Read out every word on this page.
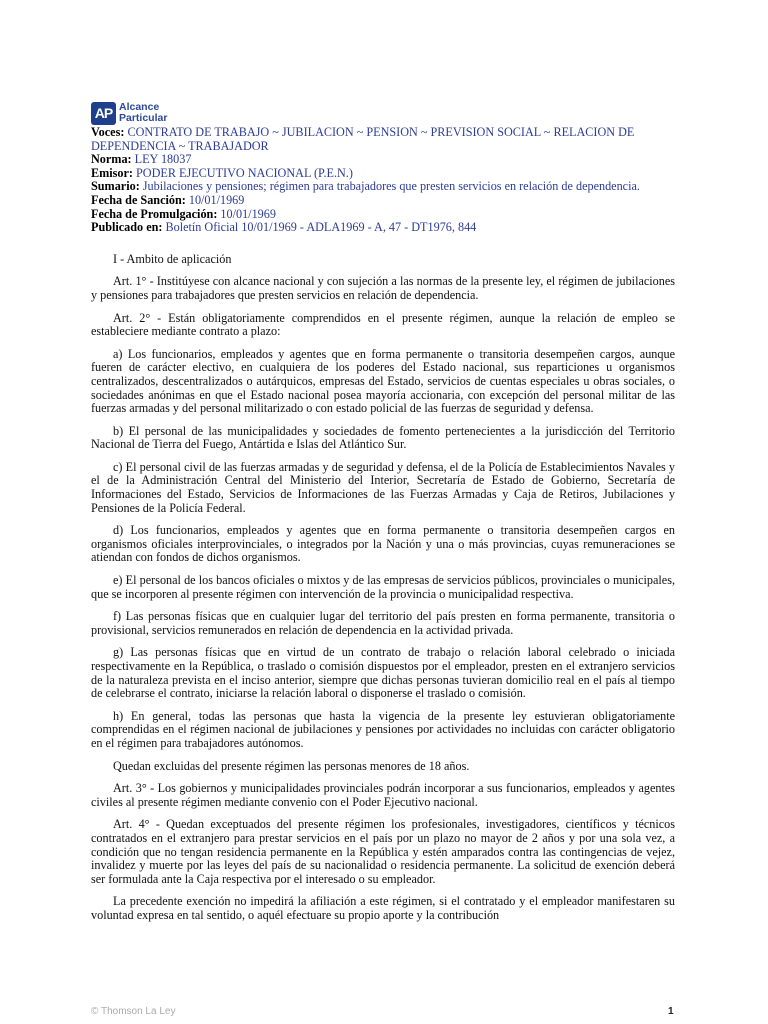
AP Alcance
Particular
Voces: CONTRATO DE TRABAJO ~ JUBILACION ~ PENSION ~ PREVISION SOCIAL ~ RELACION DE DEPENDENCIA ~ TRABAJADOR
Norma: LEY 18037
Emisor: PODER EJECUTIVO NACIONAL (P.E.N.)
Sumario: Jubilaciones y pensiones; régimen para trabajadores que presten servicios en relación de dependencia.
Fecha de Sanción: 10/01/1969
Fecha de Promulgación: 10/01/1969
Publicado en: Boletín Oficial 10/01/1969 - ADLA1969 - A, 47 - DT1976, 844

I - Ambito de aplicación

Art. 1° - Institúyese con alcance nacional y con sujeción a las normas de la presente ley, el régimen de jubilaciones y pensiones para trabajadores que presten servicios en relación de dependencia.

Art. 2° - Están obligatoriamente comprendidos en el presente régimen, aunque la relación de empleo se estableciere mediante contrato a plazo:

a) Los funcionarios, empleados y agentes que en forma permanente o transitoria desempeñen cargos, aunque fueren de carácter electivo, en cualquiera de los poderes del Estado nacional, sus reparticiones u organismos centralizados, descentralizados o autárquicos, empresas del Estado, servicios de cuentas especiales u obras sociales, o sociedades anónimas en que el Estado nacional posea mayoría accionaria, con excepción del personal militar de las fuerzas armadas y del personal militarizado o con estado policial de las fuerzas de seguridad y defensa.

b) El personal de las municipalidades y sociedades de fomento pertenecientes a la jurisdicción del Territorio Nacional de Tierra del Fuego, Antártida e Islas del Atlántico Sur.

c) El personal civil de las fuerzas armadas y de seguridad y defensa, el de la Policía de Establecimientos Navales y el de la Administración Central del Ministerio del Interior, Secretaría de Estado de Gobierno, Secretaría de Informaciones del Estado, Servicios de Informaciones de las Fuerzas Armadas y Caja de Retiros, Jubilaciones y Pensiones de la Policía Federal.

d) Los funcionarios, empleados y agentes que en forma permanente o transitoria desempeñen cargos en organismos oficiales interprovinciales, o integrados por la Nación y una o más provincias, cuyas remuneraciones se atiendan con fondos de dichos organismos.

e) El personal de los bancos oficiales o mixtos y de las empresas de servicios públicos, provinciales o municipales, que se incorporen al presente régimen con intervención de la provincia o municipalidad respectiva.

f) Las personas físicas que en cualquier lugar del territorio del país presten en forma permanente, transitoria o provisional, servicios remunerados en relación de dependencia en la actividad privada.

g) Las personas físicas que en virtud de un contrato de trabajo o relación laboral celebrado o iniciada respectivamente en la República, o traslado o comisión dispuestos por el empleador, presten en el extranjero servicios de la naturaleza prevista en el inciso anterior, siempre que dichas personas tuvieran domicilio real en el país al tiempo de celebrarse el contrato, iniciarse la relación laboral o disponerse el traslado o comisión.

h) En general, todas las personas que hasta la vigencia de la presente ley estuvieran obligatoriamente comprendidas en el régimen nacional de jubilaciones y pensiones por actividades no incluidas con carácter obligatorio en el régimen para trabajadores autónomos.

Quedan excluidas del presente régimen las personas menores de 18 años.

Art. 3° - Los gobiernos y municipalidades provinciales podrán incorporar a sus funcionarios, empleados y agentes civiles al presente régimen mediante convenio con el Poder Ejecutivo nacional.

Art. 4° - Quedan exceptuados del presente régimen los profesionales, investigadores, científicos y técnicos contratados en el extranjero para prestar servicios en el país por un plazo no mayor de 2 años y por una sola vez, a condición que no tengan residencia permanente en la República y estén amparados contra las contingencias de vejez, invalidez y muerte por las leyes del país de su nacionalidad o residencia permanente. La solicitud de exención deberá ser formulada ante la Caja respectiva por el interesado o su empleador.

La precedente exención no impedirá la afiliación a este régimen, si el contratado y el empleador manifestaren su voluntad expresa en tal sentido, o aquél efectuare su propio aporte y la contribución

© Thomson La Ley	1
